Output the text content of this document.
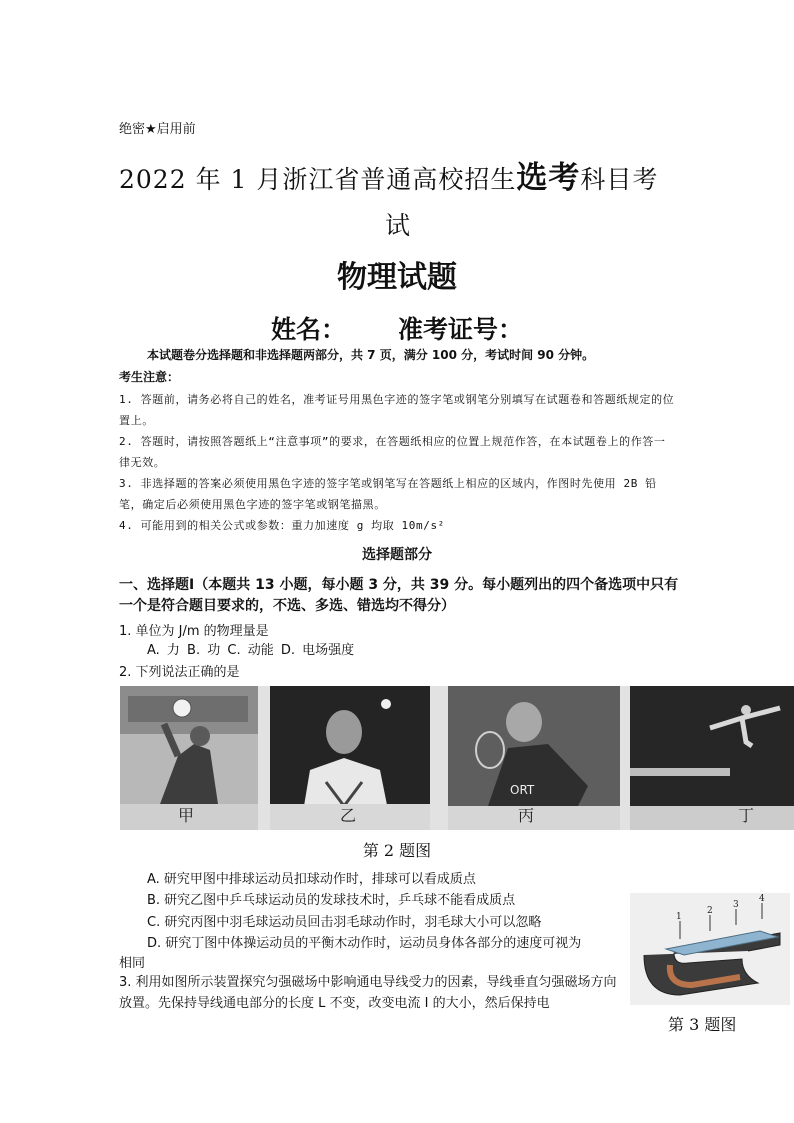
绝密★启用前
2022 年 1 月浙江省普通高校招生选考科目考
试
物理试题
姓名： 准考证号：
本试题卷分选择题和非选择题两部分，共 7 页，满分 100 分，考试时间 90 分钟。
考生注意：
1. 答题前，请务必将自己的姓名，准考证号用黑色字迹的签字笔或钢笔分别填写在试题卷和答题纸规定的位置上。
2. 答题时，请按照答题纸上“注意事项”的要求，在答题纸相应的位置上规范作答，在本试题卷上的作答一律无效。
3. 非选择题的答案必须使用黑色字迹的签字笔或钢笔写在答题纸上相应的区域内，作图时先使用 2B 铅笔，确定后必须使用黑色字迹的签字笔或钢笔描黑。
4. 可能用到的相关公式或参数：重力加速度 g 均取 10m/s²
选择题部分
一、选择题Ⅰ（本题共 13 小题，每小题 3 分，共 39 分。每小题列出的四个备选项中只有一个是符合题目要求的，不选、多选、错选均不得分）
1. 单位为 J/m 的物理量是
A. 力 B. 功 C. 动能 D. 电场强度
2. 下列说法正确的是
甲	乙
ORT
丙	丁
第 2 题图
A. 研究甲图中排球运动员扣球动作时，排球可以看成质点
B. 研究乙图中乒乓球运动员的发球技术时，乒乓球不能看成质点
C. 研究丙图中羽毛球运动员回击羽毛球动作时，羽毛球大小可以忽略
D. 研究丁图中体操运动员的平衡木动作时，运动员身体各部分的速度可视为
相同
3. 利用如图所示装置探究匀强磁场中影响通电导线受力的因素，导线垂直匀强磁场方向放置。先保持导线通电部分的长度 L 不变，改变电流 I 的大小，然后保持电
1
2
3
4
第 3 题图
